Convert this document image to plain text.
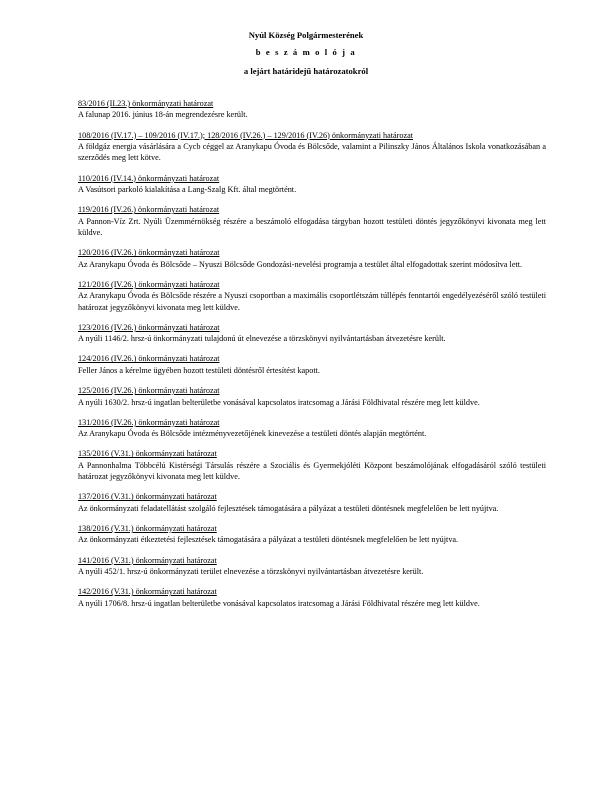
Nyúl Község Polgármesterének
b e s z á m o l ó j a
a lejárt határidejű határozatokról
83/2016 (II.23.) önkormányzati határozat
A falunap 2016. június 18-án megrendezésre került.
108/2016 (IV.17.) – 109/2016 (IV.17.); 128/2016 (IV.26.) – 129/2016 (IV.26) önkormányzati határozat
A földgáz energia vásárlására a Cycb céggel az Aranykapu Óvoda és Bölcsőde, valamint a Pilinszky János Általános Iskola vonatkozásában a szerződés meg lett kötve.
110/2016 (IV.14.) önkormányzati határozat
A Vasútsori parkoló kialakítása a Lang-Szalg Kft. által megtörtént.
119/2016 (IV.26.) önkormányzati határozat
A Pannon-Víz Zrt. Nyúli Üzemmérnökség részére a beszámoló elfogadása tárgyban hozott testületi döntés jegyzőkönyvi kivonata meg lett küldve.
120/2016 (IV.26.) önkormányzati határozat
Az Aranykapu Óvoda és Bölcsőde – Nyuszi Bölcsőde Gondozási-nevelési programja a testület által elfogadottak szerint módosítva lett.
121/2016 (IV.26.) önkormányzati határozat
Az Aranykapu Óvoda és Bölcsőde részére a Nyuszi csoportban a maximális csoportlétszám túllépés fenntartói engedélyezéséről szóló testületi határozat jegyzőkönyvi kivonata meg lett küldve.
123/2016 (IV.26.) önkormányzati határozat
A nyúli 1146/2. hrsz-ú önkormányzati tulajdonú út elnevezése a törzskönyvi nyilvántartásban átvezetésre került.
124/2016 (IV.26.) önkormányzati határozat
Feller János a kérelme ügyében hozott testületi döntésről értesítést kapott.
125/2016 (IV.26.) önkormányzati határozat
A nyúli 1630/2. hrsz-ú ingatlan belterületbe vonásával kapcsolatos iratcsomag a Járási Földhivatal részére meg lett küldve.
131/2016 (IV.26.) önkormányzati határozat
Az Aranykapu Óvoda és Bölcsőde intézményvezetőjének kinevezése a testületi döntés alapján megtörtént.
135/2016 (V.31.) önkormányzati határozat
A Pannonhalma Többcélú Kistérségi Társulás részére a Szociális és Gyermekjóléti Központ beszámolójának elfogadásáról szóló testületi határozat jegyzőkönyvi kivonata meg lett küldve.
137/2016 (V.31.) önkormányzati határozat
Az önkormányzati feladatellátást szolgáló fejlesztések támogatására a pályázat a testületi döntésnek megfelelően be lett nyújtva.
138/2016 (V.31.) önkormányzati határozat
Az önkormányzati étkeztetési fejlesztések támogatására a pályázat a testületi döntésnek megfelelően be lett nyújtva.
141/2016 (V.31.) önkormányzati határozat
A nyúli 452/1. hrsz-ú önkormányzati terület elnevezése a törzskönyvi nyilvántartásban átvezetésre került.
142/2016 (V.31.) önkormányzati határozat
A nyúli 1706/8. hrsz-ú ingatlan belterületbe vonásával kapcsolatos iratcsomag a Járási Földhivatal részére meg lett küldve.
